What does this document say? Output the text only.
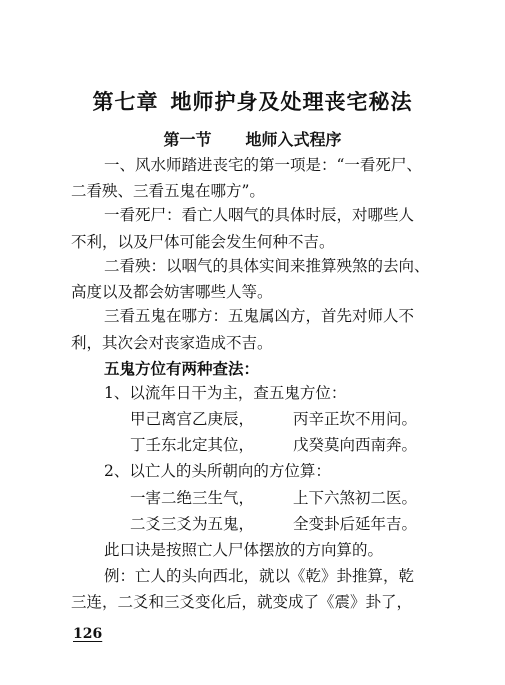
第七章 地师护身及处理丧宅秘法
第一节 地师入式程序
一、风水师踏进丧宅的第一项是：“一看死尸、
二看殃、三看五鬼在哪方”。
一看死尸：看亡人咽气的具体时辰，对哪些人
不利，以及尸体可能会发生何种不吉。
二看殃：以咽气的具体实间来推算殃煞的去向、
高度以及都会妨害哪些人等。
三看五鬼在哪方：五鬼属凶方，首先对师人不
利，其次会对丧家造成不吉。
五鬼方位有两种查法：
1、以流年日干为主，查五鬼方位：
甲己离宫乙庚辰，	丙辛正坎不用问。
丁壬东北定其位，	戊癸莫向西南奔。
2、以亡人的头所朝向的方位算：
一害二绝三生气，	上下六煞初二医。
二爻三爻为五鬼，	全变卦后延年吉。
此口诀是按照亡人尸体摆放的方向算的。
例：亡人的头向西北，就以《乾》卦推算，乾
三连，二爻和三爻变化后，就变成了《震》卦了，
126
